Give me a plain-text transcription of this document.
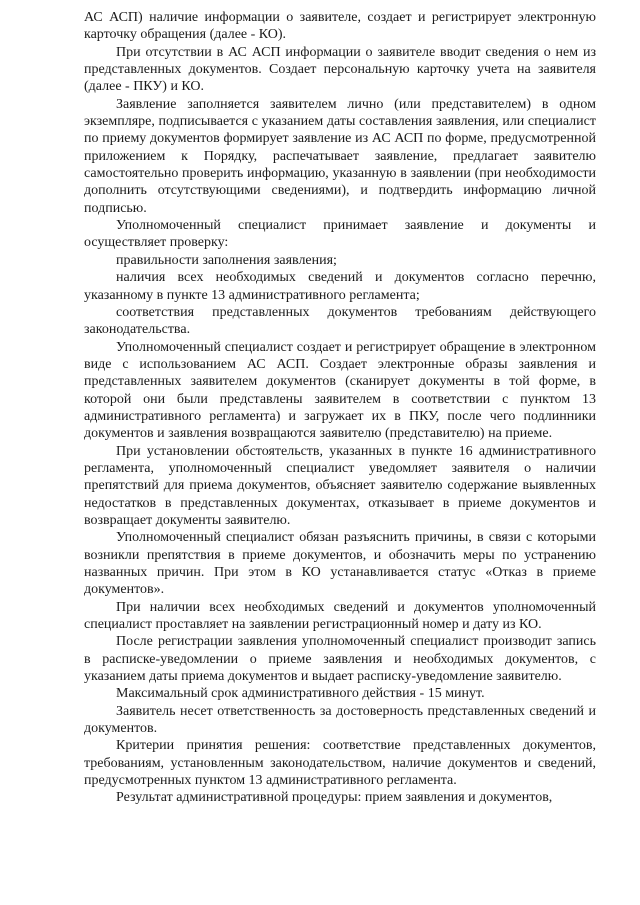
АС АСП) наличие информации о заявителе, создает и регистрирует электронную карточку обращения (далее - КО).

При отсутствии в АС АСП информации о заявителе вводит сведения о нем из представленных документов. Создает персональную карточку учета на заявителя (далее - ПКУ) и КО.

Заявление заполняется заявителем лично (или представителем) в одном экземпляре, подписывается с указанием даты составления заявления, или специалист по приему документов формирует заявление из АС АСП по форме, предусмотренной приложением к Порядку, распечатывает заявление, предлагает заявителю самостоятельно проверить информацию, указанную в заявлении (при необходимости дополнить отсутствующими сведениями), и подтвердить информацию личной подписью.

Уполномоченный специалист принимает заявление и документы и осуществляет проверку:

правильности заполнения заявления;

наличия всех необходимых сведений и документов согласно перечню, указанному в пункте 13 административного регламента;

соответствия представленных документов требованиям действующего законодательства.

Уполномоченный специалист создает и регистрирует обращение в электронном виде с использованием АС АСП. Создает электронные образы заявления и представленных заявителем документов (сканирует документы в той форме, в которой они были представлены заявителем в соответствии с пунктом 13 административного регламента) и загружает их в ПКУ, после чего подлинники документов и заявления возвращаются заявителю (представителю) на приеме.

При установлении обстоятельств, указанных в пункте 16 административного регламента, уполномоченный специалист уведомляет заявителя о наличии препятствий для приема документов, объясняет заявителю содержание выявленных недостатков в представленных документах, отказывает в приеме документов и возвращает документы заявителю.

Уполномоченный специалист обязан разъяснить причины, в связи с которыми возникли препятствия в приеме документов, и обозначить меры по устранению названных причин. При этом в КО устанавливается статус «Отказ в приеме документов».

При наличии всех необходимых сведений и документов уполномоченный специалист проставляет на заявлении регистрационный номер и дату из КО.

После регистрации заявления уполномоченный специалист производит запись в расписке-уведомлении о приеме заявления и необходимых документов, с указанием даты приема документов и выдает расписку-уведомление заявителю.

Максимальный срок административного действия - 15 минут.

Заявитель несет ответственность за достоверность представленных сведений и документов.

Критерии принятия решения: соответствие представленных документов, требованиям, установленным законодательством, наличие документов и сведений, предусмотренных пунктом 13 административного регламента.

Результат административной процедуры: прием заявления и документов,
